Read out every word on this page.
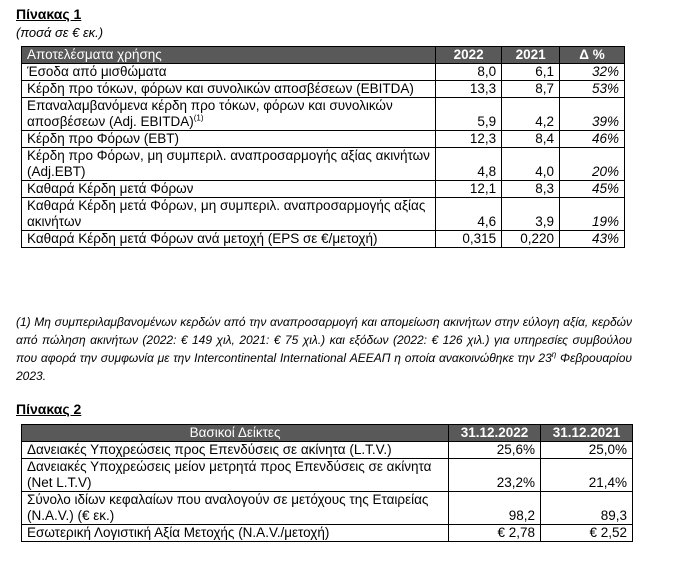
Πίνακας 1
(ποσά σε € εκ.)
Αποτελέσματα χρήσης	2022	2021	Δ %
Έσοδα από μισθώματα	8,0	6,1	32%
Κέρδη προ τόκων, φόρων και συνολικών αποσβέσεων (EBITDA)	13,3	8,7	53%
Επαναλαμβανόμενα κέρδη προ τόκων, φόρων και συνολικών αποσβέσεων (Adj. EBITDA)$^{(1)}$	5,9	4,2	39%
Κέρδη προ Φόρων (EBT)	12,3	8,4	46%
Κέρδη προ Φόρων, μη συμπεριλ. αναπροσαρμογής αξίας ακινήτων (Adj.EBT)	4,8	4,0	20%
Καθαρά Κέρδη μετά Φόρων	12,1	8,3	45%
Καθαρά Κέρδη μετά Φόρων, μη συμπεριλ. αναπροσαρμογής αξίας ακινήτων	4,6	3,9	19%
Καθαρά Κέρδη μετά Φόρων ανά μετοχή (EPS σε €/μετοχή)	0,315	0,220	43%
(1) Μη συμπεριλαμβανομένων κερδών από την αναπροσαρμογή και απομείωση ακινήτων στην εύλογη αξία, κερδών από πώληση ακινήτων (2022: € 149 χιλ, 2021: € 75 χιλ.) και εξόδων (2022: € 126 χιλ.) για υπηρεσίες συμβούλου που αφορά την συμφωνία με την Intercontinental International ΑΕΕΑΠ η οποία ανακοινώθηκε την $23^\eta$ Φεβρουαρίου 2023.
Πίνακας 2
Βασικοί Δείκτες	31.12.2022	31.12.2021
Δανειακές Υποχρεώσεις προς Επενδύσεις σε ακίνητα (L.T.V.)	25,6%	25,0%
Δανειακές Υποχρεώσεις μείον μετρητά προς Επενδύσεις σε ακίνητα (Net L.T.V)	23,2%	21,4%
Σύνολο ιδίων κεφαλαίων που αναλογούν σε μετόχους της Εταιρείας (N.A.V.) (€ εκ.)	98,2	89,3
Εσωτερική Λογιστική Αξία Μετοχής (N.A.V./μετοχή)	€ 2,78	€ 2,52
